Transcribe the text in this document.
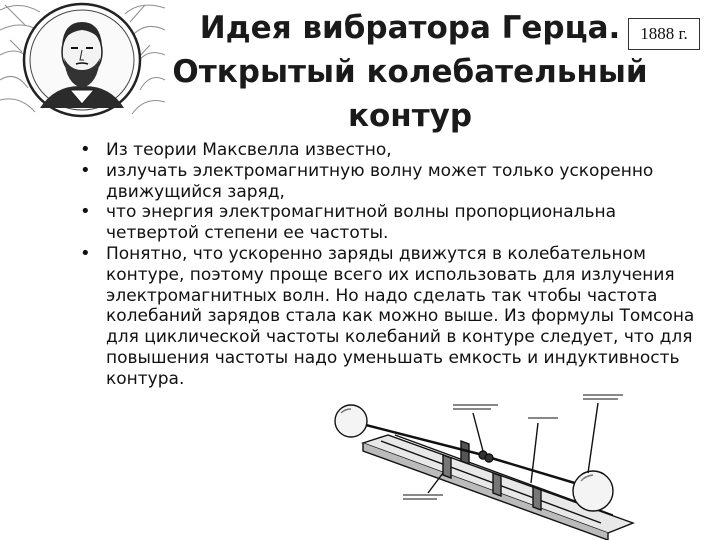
Идея вибратора Герца.
Открытый колебательный
контур
1888 г.
• Из теории Максвелла известно,
• излучать электромагнитную волну может только ускоренно движущийся заряд,
• что энергия электромагнитной волны пропорциональна четвертой степени ее частоты.
• Понятно, что ускоренно заряды движутся в колебательном контуре, поэтому проще всего их использовать для излучения электромагнитных волн. Но надо сделать так чтобы частота колебаний зарядов стала как можно выше. Из формулы Томсона для циклической частоты колебаний в контуре следует, что для повышения частоты надо уменьшать емкость и индуктивность контура.
